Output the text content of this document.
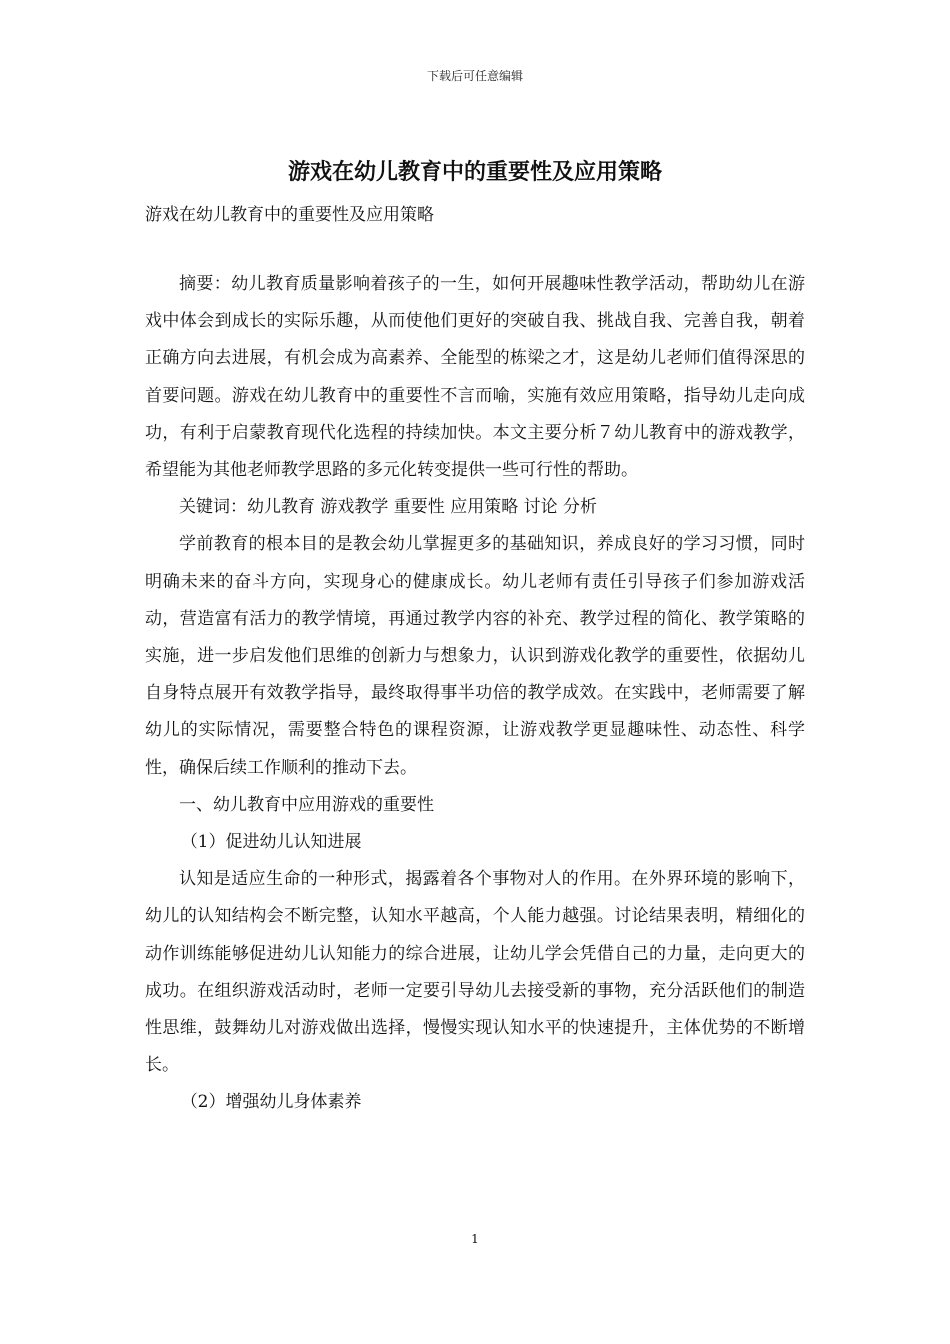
下载后可任意编辑
游戏在幼儿教育中的重要性及应用策略

游戏在幼儿教育中的重要性及应用策略

摘要：幼儿教育质量影响着孩子的一生，如何开展趣味性教学活动，帮助幼儿在游戏中体会到成长的实际乐趣，从而使他们更好的突破自我、挑战自我、完善自我，朝着正确方向去进展，有机会成为高素养、全能型的栋梁之才，这是幼儿老师们值得深思的首要问题。游戏在幼儿教育中的重要性不言而喻，实施有效应用策略，指导幼儿走向成功，有利于启蒙教育现代化选程的持续加快。本文主要分析７幼儿教育中的游戏教学，希望能为其他老师教学思路的多元化转变提供一些可行性的帮助。

关键词：幼儿教育 游戏教学 重要性 应用策略 讨论 分析

学前教育的根本目的是教会幼儿掌握更多的基础知识，养成良好的学习习惯，同时明确未来的奋斗方向，实现身心的健康成长。幼儿老师有责任引导孩子们参加游戏活动，营造富有活力的教学情境，再通过教学内容的补充、教学过程的简化、教学策略的实施，进一步启发他们思维的创新力与想象力，认识到游戏化教学的重要性，依据幼儿自身特点展开有效教学指导，最终取得事半功倍的教学成效。在实践中，老师需要了解幼儿的实际情况，需要整合特色的课程资源，让游戏教学更显趣味性、动态性、科学性，确保后续工作顺利的推动下去。

一、幼儿教育中应用游戏的重要性

（1）促进幼儿认知进展

认知是适应生命的一种形式，揭露着各个事物对人的作用。在外界环境的影响下，幼儿的认知结构会不断完整，认知水平越高，个人能力越强。讨论结果表明，精细化的动作训练能够促进幼儿认知能力的综合进展，让幼儿学会凭借自己的力量，走向更大的成功。在组织游戏活动时，老师一定要引导幼儿去接受新的事物，充分活跃他们的制造性思维，鼓舞幼儿对游戏做出选择，慢慢实现认知水平的快速提升，主体优势的不断增长。

（2）增强幼儿身体素养

1
